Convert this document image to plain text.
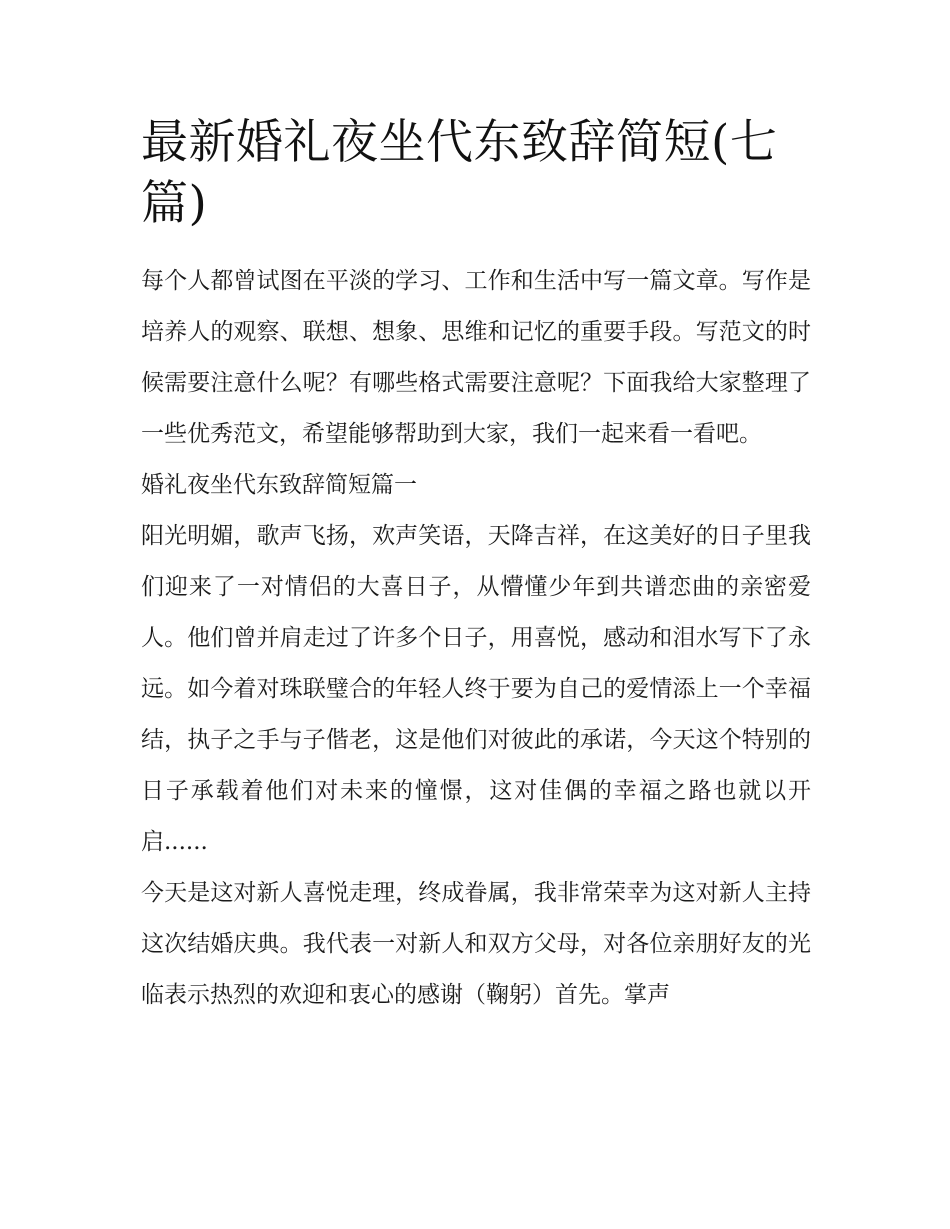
最新婚礼夜坐代东致辞简短(七篇)

每个人都曾试图在平淡的学习、工作和生活中写一篇文章。写作是培养人的观察、联想、想象、思维和记忆的重要手段。写范文的时候需要注意什么呢？有哪些格式需要注意呢？下面我给大家整理了一些优秀范文，希望能够帮助到大家，我们一起来看一看吧。

婚礼夜坐代东致辞简短篇一

阳光明媚，歌声飞扬，欢声笑语，天降吉祥，在这美好的日子里我们迎来了一对情侣的大喜日子，从懵懂少年到共谱恋曲的亲密爱人。他们曾并肩走过了许多个日子，用喜悦，感动和泪水写下了永远。如今着对珠联璧合的年轻人终于要为自己的爱情添上一个幸福结，执子之手与子偕老，这是他们对彼此的承诺，今天这个特别的日子承载着他们对未来的憧憬，这对佳偶的幸福之路也就以开启......

今天是这对新人喜悦走理，终成眷属，我非常荣幸为这对新人主持这次结婚庆典。我代表一对新人和双方父母，对各位亲朋好友的光临表示热烈的欢迎和衷心的感谢（鞠躬）首先。掌声
